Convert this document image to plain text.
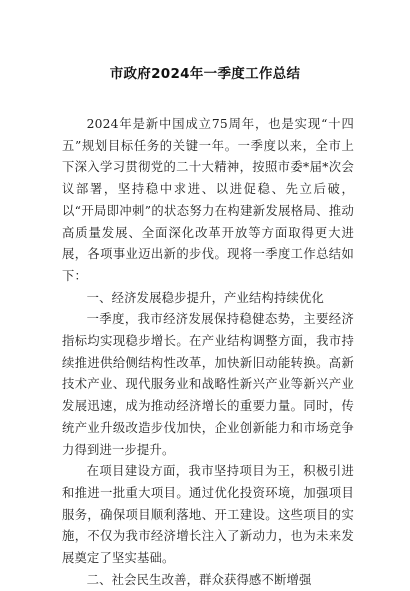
市政府2024年一季度工作总结

2024年是新中国成立75周年，也是实现“十四五”规划目标任务的关键一年。一季度以来，全市上下深入学习贯彻党的二十大精神，按照市委*届*次会议部署，坚持稳中求进、以进促稳、先立后破，以“开局即冲刺”的状态努力在构建新发展格局、推动高质量发展、全面深化改革开放等方面取得更大进展，各项事业迈出新的步伐。现将一季度工作总结如下：

一、经济发展稳步提升，产业结构持续优化

一季度，我市经济发展保持稳健态势，主要经济指标均实现稳步增长。在产业结构调整方面，我市持续推进供给侧结构性改革，加快新旧动能转换。高新技术产业、现代服务业和战略性新兴产业等新兴产业发展迅速，成为推动经济增长的重要力量。同时，传统产业升级改造步伐加快，企业创新能力和市场竞争力得到进一步提升。

在项目建设方面，我市坚持项目为王，积极引进和推进一批重大项目。通过优化投资环境，加强项目服务，确保项目顺利落地、开工建设。这些项目的实施，不仅为我市经济增长注入了新动力，也为未来发展奠定了坚实基础。

二、社会民生改善，群众获得感不断增强
